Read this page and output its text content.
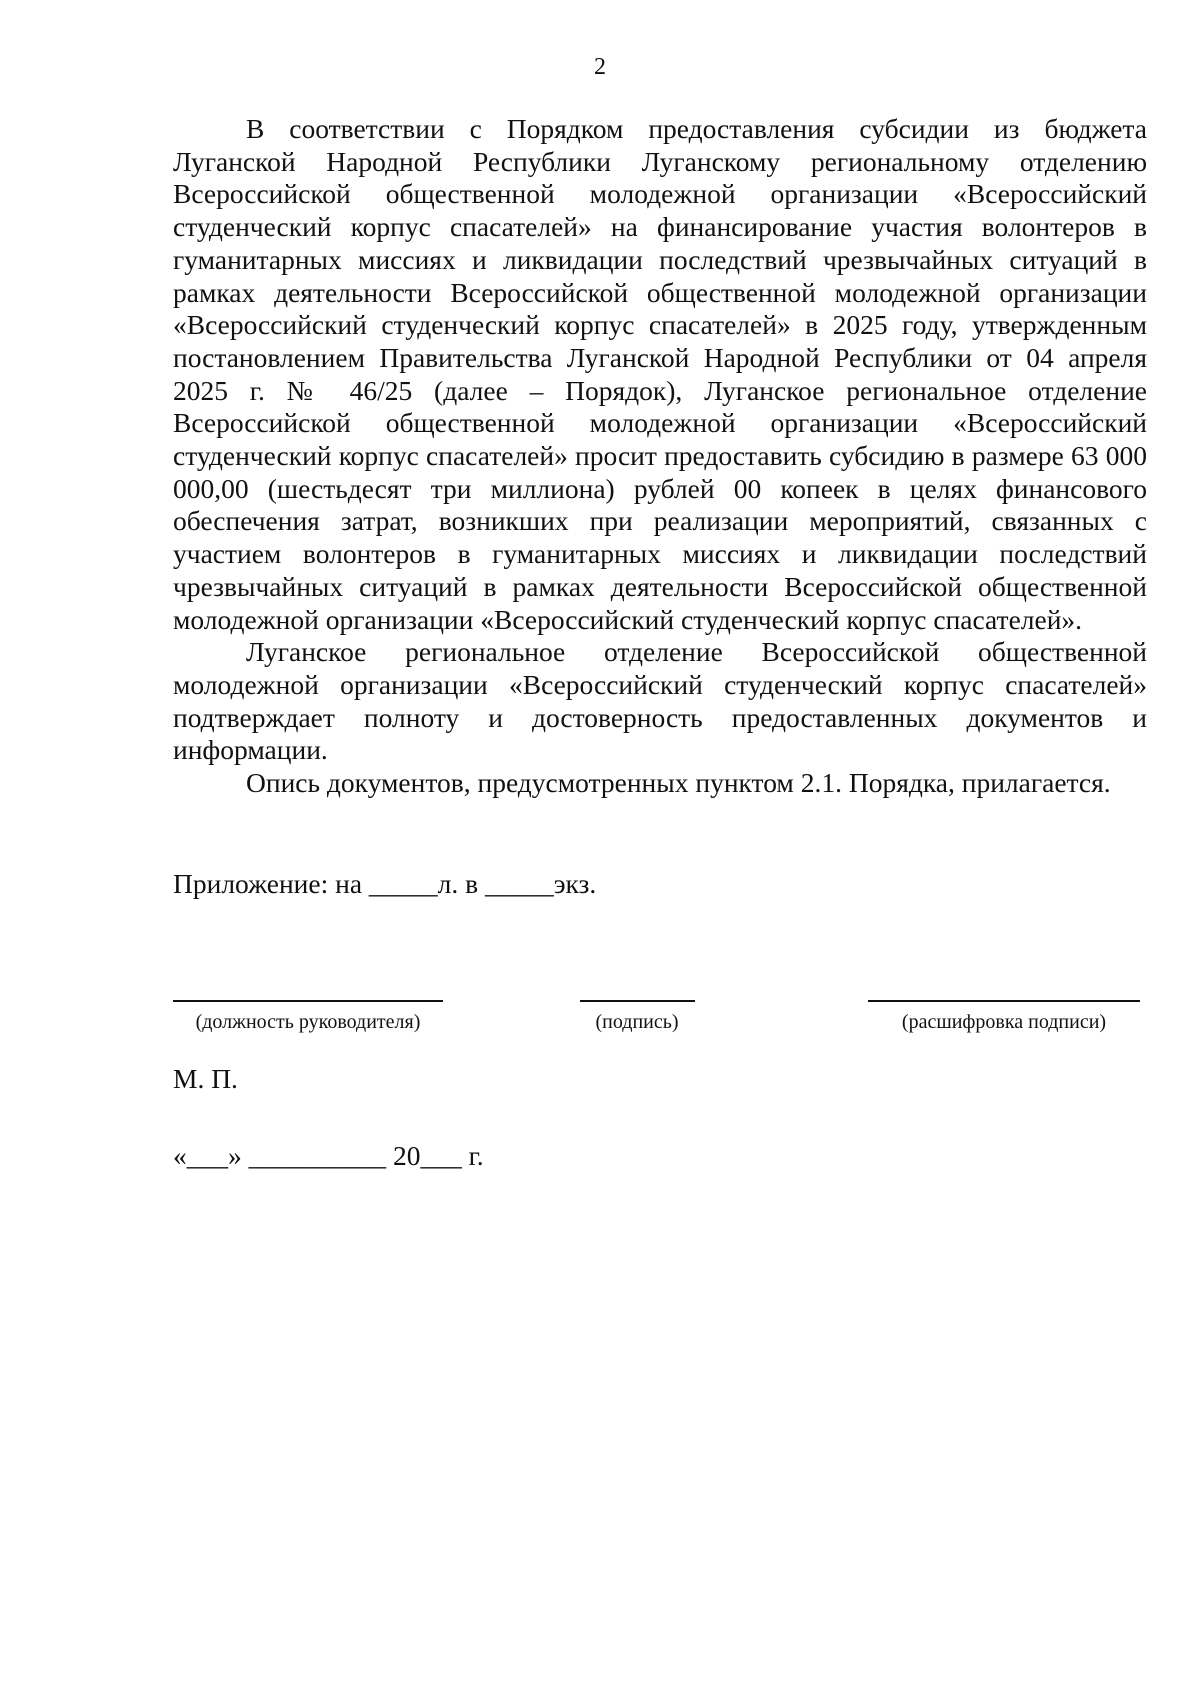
2

В соответствии с Порядком предоставления субсидии из бюджета Луганской Народной Республики Луганскому региональному отделению Всероссийской общественной молодежной организации «Всероссийский студенческий корпус спасателей» на финансирование участия волонтеров в гуманитарных миссиях и ликвидации последствий чрезвычайных ситуаций в рамках деятельности Всероссийской общественной молодежной организации «Всероссийский студенческий корпус спасателей» в 2025 году, утвержденным постановлением Правительства Луганской Народной Республики от 04 апреля 2025 г. № 46/25 (далее – Порядок), Луганское региональное отделение Всероссийской общественной молодежной организации «Всероссийский студенческий корпус спасателей» просит предоставить субсидию в размере 63 000 000,00 (шестьдесят три миллиона) рублей 00 копеек в целях финансового обеспечения затрат, возникших при реализации мероприятий, связанных с участием волонтеров в гуманитарных миссиях и ликвидации последствий чрезвычайных ситуаций в рамках деятельности Всероссийской общественной молодежной организации «Всероссийский студенческий корпус спасателей».

Луганское региональное отделение Всероссийской общественной молодежной организации «Всероссийский студенческий корпус спасателей» подтверждает полноту и достоверность предоставленных документов и информации.

Опись документов, предусмотренных пунктом 2.1. Порядка, прилагается.

Приложение: на _____л. в _____экз.
(должность руководителя)	(подпись)	(расшифровка подписи)
М. П.
«___» __________ 20___ г.
